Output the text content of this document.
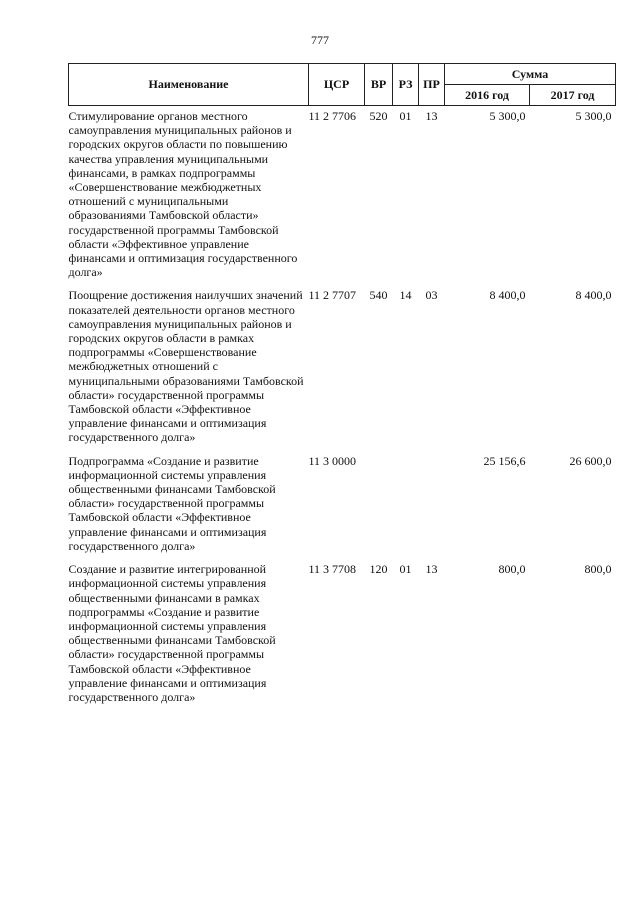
777
Наименование	ЦСР	ВР	РЗ	ПР	Сумма	
					2016 год	2017 год
Стимулирование органов местного самоуправления муниципальных районов и городских округов области по повышению качества управления муниципальными финансами, в рамках подпрограммы «Совершенствование межбюджетных отношений с муниципальными образованиями Тамбовской области» государственной программы Тамбовской области «Эффективное управление финансами и оптимизация государственного долга»	11 2 7706	520	01	13	5 300,0	5 300,0
Поощрение достижения наилучших значений показателей деятельности органов местного самоуправления муниципальных районов и городских округов области в рамках подпрограммы «Совершенствование межбюджетных отношений с муниципальными образованиями Тамбовской области» государственной программы Тамбовской области «Эффективное управление финансами и оптимизация государственного долга»	11 2 7707	540	14	03	8 400,0	8 400,0
Подпрограмма «Создание и развитие информационной системы управления общественными финансами Тамбовской области» государственной программы Тамбовской области «Эффективное управление финансами и оптимизация государственного долга»	11 3 0000				25 156,6	26 600,0
Создание и развитие интегрированной информационной системы управления общественными финансами в рамках подпрограммы «Создание и развитие информационной системы управления общественными финансами Тамбовской области» государственной программы Тамбовской области «Эффективное управление финансами и оптимизация государственного долга»	11 3 7708	120	01	13	800,0	800,0
